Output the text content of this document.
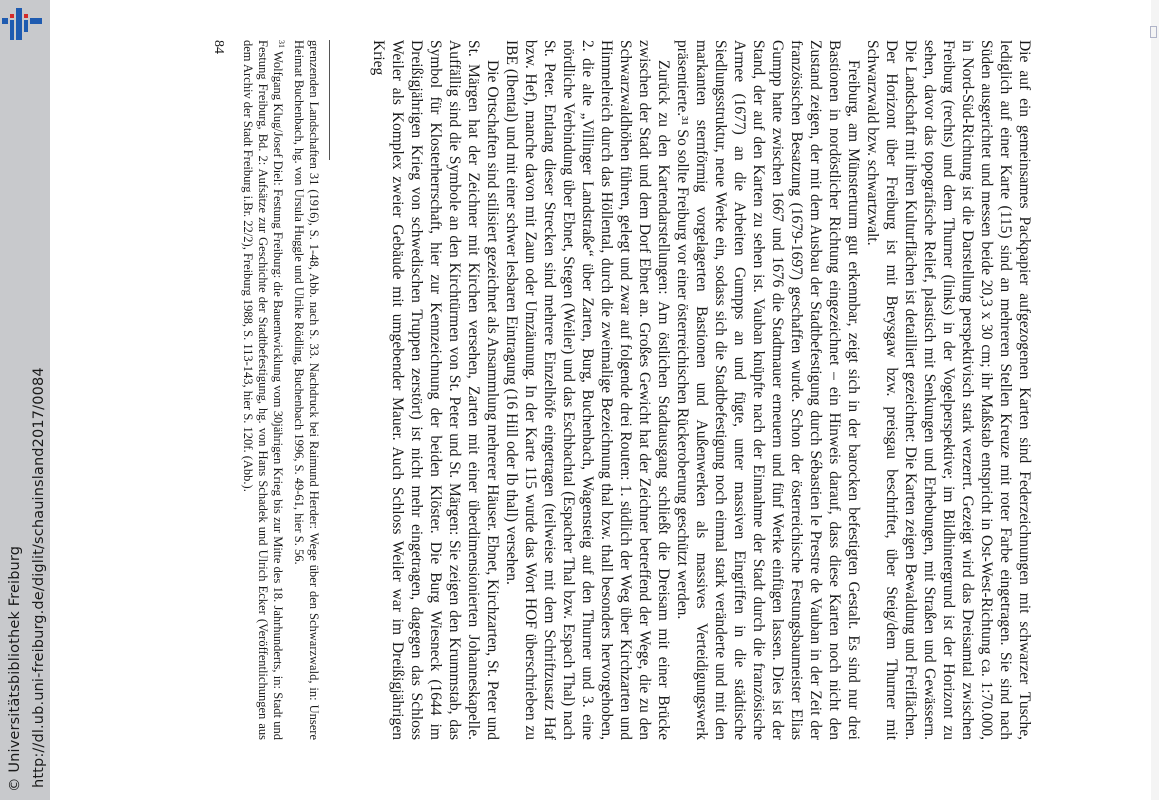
http://dl.ub.uni-freiburg.de/diglit/schauinsland2017/0084
© Universitätsbibliothek Freiburg	Die auf ein gemeinsames Packpapier aufgezogenen Karten sind Federzeichnungen mit schwarzer Tusche, lediglich auf einer Karte (115) sind an mehreren Stellen Kreuze mit roter Farbe eingetragen. Sie sind nach Süden ausgerichtet und messen beide 20,3 x 30 cm; ihr Maßstab entspricht in Ost-West-Richtung ca. 1:70.000, in Nord-Süd-Richtung ist die Darstellung perspektivisch stark verzerrt. Gezeigt wird das Dreisamtal zwischen Freiburg (rechts) und dem Thurner (links) in der Vogelperspektive; im Bildhintergrund ist der Horizont zu sehen, davor das topografische Relief, plastisch mit Senkungen und Erhebungen, mit Straßen und Gewässern. Die Landschaft mit ihren Kulturflächen ist detailliert gezeichnet: Die Karten zeigen Bewaldung und Freiflächen. Der Horizont über Freiburg ist mit Breysgaw bzw. preisgau beschriftet, über Steig/dem Thurner mit Schwarzwald bzw. schwartzwalt.

Freiburg, am Münsterturm gut erkennbar, zeigt sich in der barocken befestigten Gestalt. Es sind nur drei Bastionen in nordöstlicher Richtung eingezeichnet – ein Hinweis darauf, dass diese Karten noch nicht den Zustand zeigen, der mit dem Ausbau der Stadtbefestigung durch Sébastien le Prestre de Vauban in der Zeit der französischen Besatzung (1679-1697) geschaffen wurde. Schon der österreichische Festungsbaumeister Elias Gumpp hatte zwischen 1667 und 1676 die Stadtmauer erneuern und fünf Werke einfügen lassen. Dies ist der Stand, der auf den Karten zu sehen ist. Vauban knüpfte nach der Einnahme der Stadt durch die französische Armee (1677) an die Arbeiten Gumpps an und fügte, unter massiven Eingriffen in die städtische Siedlungsstruktur, neue Werke ein, sodass sich die Stadtbefestigung noch einmal stark veränderte und mit den markanten sternförmig vorgelagerten Bastionen und Außenwerken als massives Verteidigungswerk präsentierte.³¹ So sollte Freiburg vor einer österreichischen Rückeroberung geschützt werden.

Zurück zu den Kartendarstellungen: Am östlichen Stadtausgang schließt die Dreisam mit einer Brücke zwischen der Stadt und dem Dorf Ebnet an. Großes Gewicht hat der Zeichner betreffend der Wege, die zu den Schwarzwaldhöhen führen, gelegt und zwar auf folgende drei Routen: 1. südlich der Weg über Kirchzarten und Himmelreich durch das Höllental, durch die zweimalige Bezeichnung thal bzw. thall besonders hervorgehoben, 2. die alte „Villinger Landstraße“ über Zarten, Burg, Buchenbach, Wagensteig auf den Thurner und 3. eine nördliche Verbindung über Ebnet, Stegen (Weiler) und das Eschbachtal (Espacher Thal bzw. Espach Thal) nach St. Peter. Entlang dieser Strecken sind mehrere Einzelhöfe eingetragen (teilweise mit dem Schriftzusatz Haf bzw. Hef), manche davon mit Zaun oder Umzäunung. In der Karte 115 wurde das Wort HOF überschrieben zu IBE (Ibental) und mit einer schwer lesbaren Eintragung (16 Hill oder Ib thall) versehen.

Die Ortschaften sind stilisiert gezeichnet als Ansammlung mehrerer Häuser. Ebnet, Kirchzarten, St. Peter und St. Märgen hat der Zeichner mit Kirchen versehen, Zarten mit einer überdimensionierten Johanneskapelle. Auffällig sind die Symbole an den Kirchtürmen von St. Peter und St. Märgen: Sie zeigen den Krummstab, das Symbol für Klosterherrschaft, hier zur Kennzeichnung der beiden Klöster. Die Burg Wiesneck (1644 im Dreißigjährigen Krieg von schwedischen Truppen zerstört) ist nicht mehr eingetragen, dagegen das Schloss Weiler als Komplex zweier Gebäude mit umgebender Mauer. Auch Schloss Weiler war im Dreißigjährigen Krieg

grenzenden Landschaften 31 (1916), S. 1-48, Abb. nach S. 33. Nachdruck bei Raimund Herder: Wege über den Schwarzwald, in: Unsere Heimat Buchenbach, hg. von Ursula Huggle und Ulrike Rödling, Buchenbach 1996, S. 49-61, hier S. 56.

$^{31}$ Wolfgang Klug/Josef Diel: Festung Freiburg: die Bauentwicklung vom 30jährigen Krieg bis zur Mitte des 18. Jahrhunderts, in: Stadt und Festung Freiburg, Bd. 2: Aufsätze zur Geschichte der Stadtbefestigung, hg. von Hans Schadek und Ulrich Ecker (Veröffentlichungen aus dem Archiv der Stadt Freiburg i.Br. 22/2), Freiburg 1988, S. 113-143, hier S. 120f. (Abb.).

84
